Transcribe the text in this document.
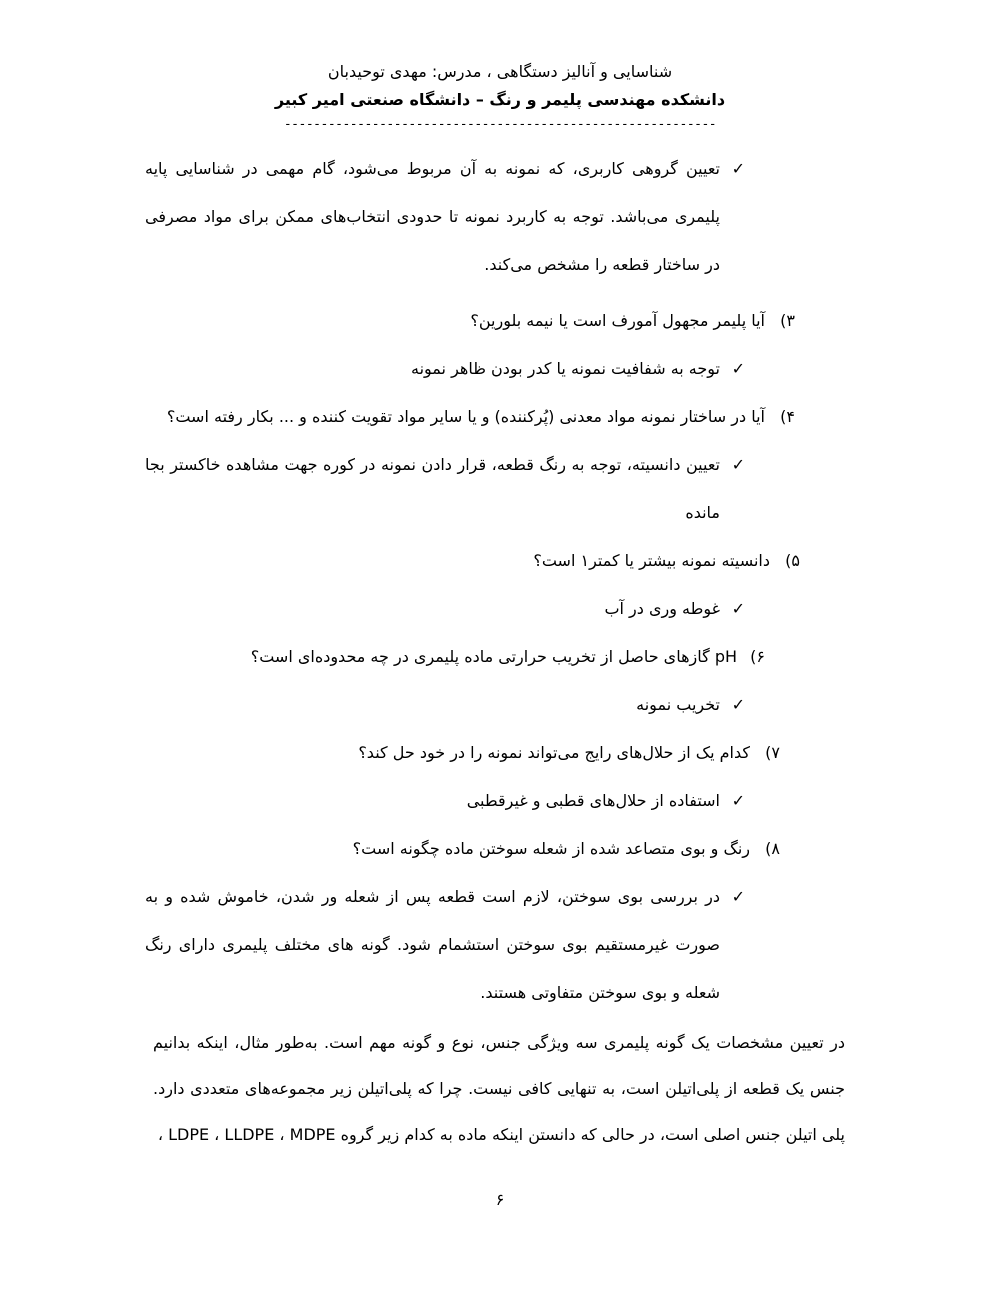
شناسایی و آنالیز دستگاهی ، مدرس: مهدی توحیدبان
دانشکده مهندسی پلیمر و رنگ – دانشگاه صنعتی امیر کبیر
-----------------------------------------------------------
✓
تعیین گروهی کاربری، که نمونه به آن مربوط می‌شود، گام مهمی در شناسایی پایه پلیمری می‌باشد. توجه به کاربرد نمونه تا حدودی انتخاب‌های ممکن برای مواد مصرفی در ساختار قطعه را مشخص می‌کند.
۳)
آیا پلیمر مجهول آمورف است یا نیمه بلورین؟
✓
توجه به شفافیت نمونه یا کدر بودن ظاهر نمونه
۴)
آیا در ساختار نمونه مواد معدنی (پُرکننده) و یا سایر مواد تقویت کننده و ... بکار رفته است؟
✓
تعیین دانسیته، توجه به رنگ قطعه، قرار دادن نمونه در کوره جهت مشاهده خاکستر بجا مانده
۵)
دانسیته نمونه بیشتر یا کمتر۱ است؟
✓
غوطه وری در آب
۶)
pH گازهای حاصل از تخریب حرارتی ماده پلیمری در چه محدوده‌ای است؟
✓
تخریب نمونه
۷)
کدام یک از حلال‌های رایج می‌تواند نمونه را در خود حل کند؟
✓
استفاده از حلال‌های قطبی و غیرقطبی
۸)
رنگ و بوی متصاعد شده از شعله سوختن ماده چگونه است؟
✓
در بررسی بوی سوختن، لازم است قطعه پس از شعله ور شدن، خاموش شده و به صورت غیرمستقیم بوی سوختن استشمام شود. گونه های مختلف پلیمری دارای رنگ شعله و بوی سوختن متفاوتی هستند.
در تعیین مشخصات یک گونه پلیمری سه ویژگی جنس، نوع و گونه مهم است. به‌طور مثال، اینکه بدانیم جنس یک قطعه از پلی‌اتیلن است، به تنهایی کافی نیست. چرا که پلی‌اتیلن زیر مجموعه‌های متعددی دارد. پلی اتیلن جنس اصلی است، در حالی که دانستن اینکه ماده به کدام زیر گروه LDPE ، LLDPE ، MDPE ،
۶
